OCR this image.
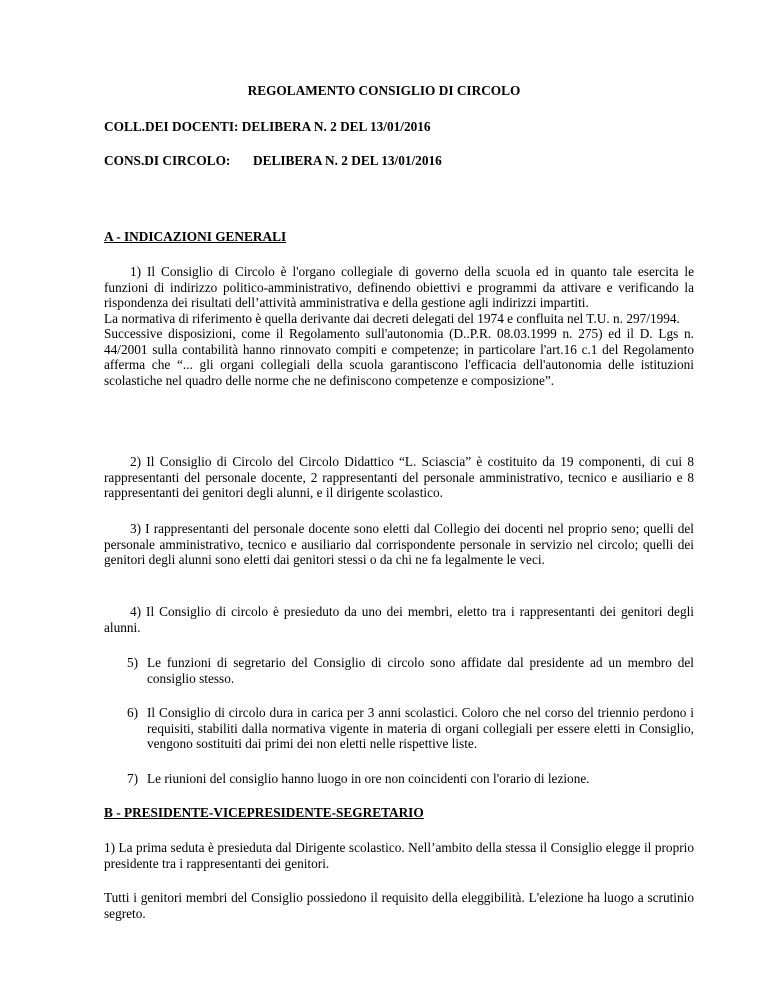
REGOLAMENTO CONSIGLIO DI CIRCOLO
COLL.DEI DOCENTI: DELIBERA N. 2 DEL 13/01/2016
CONS.DI CIRCOLO: DELIBERA N. 2 DEL 13/01/2016
A - INDICAZIONI GENERALI

1) Il Consiglio di Circolo è l'organo collegiale di governo della scuola ed in quanto tale esercita le funzioni di indirizzo politico-amministrativo, definendo obiettivi e programmi da attivare e verificando la rispondenza dei risultati dell’attività amministrativa e della gestione agli indirizzi impartiti.

La normativa di riferimento è quella derivante dai decreti delegati del 1974 e confluita nel T.U. n. 297/1994.

Successive disposizioni, come il Regolamento sull'autonomia (D..P.R. 08.03.1999 n. 275) ed il D. Lgs n. 44/2001 sulla contabilità hanno rinnovato compiti e competenze; in particolare l'art.16 c.1 del Regolamento afferma che “... gli organi collegiali della scuola garantiscono l'efficacia dell'autonomia delle istituzioni scolastiche nel quadro delle norme che ne definiscono competenze e composizione”.

2) Il Consiglio di Circolo del Circolo Didattico “L. Sciascia” è costituito da 19 componenti, di cui 8 rappresentanti del personale docente, 2 rappresentanti del personale amministrativo, tecnico e ausiliario e 8 rappresentanti dei genitori degli alunni, e il dirigente scolastico.

3) I rappresentanti del personale docente sono eletti dal Collegio dei docenti nel proprio seno; quelli del personale amministrativo, tecnico e ausiliario dal corrispondente personale in servizio nel circolo; quelli dei genitori degli alunni sono eletti dai genitori stessi o da chi ne fa legalmente le veci.

4) Il Consiglio di circolo è presieduto da uno dei membri, eletto tra i rappresentanti dei genitori degli alunni.

5) Le funzioni di segretario del Consiglio di circolo sono affidate dal presidente ad un membro del consiglio stesso.
6) Il Consiglio di circolo dura in carica per 3 anni scolastici. Coloro che nel corso del triennio perdono i requisiti, stabiliti dalla normativa vigente in materia di organi collegiali per essere eletti in Consiglio, vengono sostituiti dai primi dei non eletti nelle rispettive liste.
7) Le riunioni del consiglio hanno luogo in ore non coincidenti con l'orario di lezione.
B - PRESIDENTE-VICEPRESIDENTE-SEGRETARIO

1) La prima seduta è presieduta dal Dirigente scolastico. Nell’ambito della stessa il Consiglio elegge il proprio presidente tra i rappresentanti dei genitori.

Tutti i genitori membri del Consiglio possiedono il requisito della eleggibilità. L'elezione ha luogo a scrutinio segreto.
